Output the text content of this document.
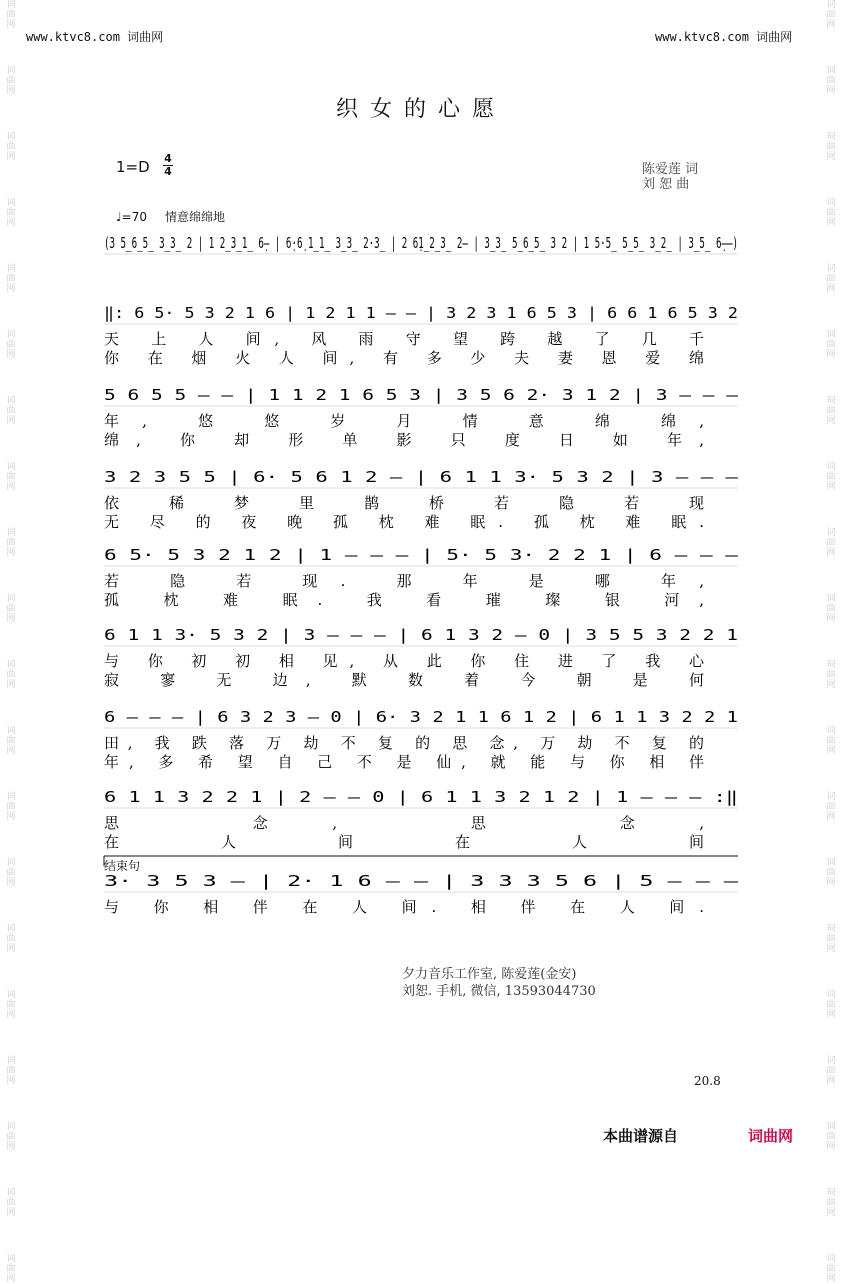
词
曲
网
词
曲
网
词
曲
网
词
曲
网
词
曲
网
词
曲
网
词
曲
网
词
曲
网
词
曲
网
词
曲
网
词
曲
网
词
曲
网
词
曲
网
词
曲
网
词
曲
网
词
曲
网
词
曲
网
词
曲
网
词
曲
网
词
曲
网
词
曲
网
词
曲
网
词
曲
网
词
曲
网
词
曲
网
词
曲
网
词
曲
网
词
曲
网
词
曲
网
词
曲
网
词
曲
网
词
曲
网
词
曲
网
词
曲
网
词
曲
网
词
曲
网
词
曲
网
词
曲
网
词
曲
网
词
曲
网
www.ktvc8.com 词曲网	www.ktvc8.com 词曲网
织女的心愿
$1=D \frac{4}{4}$	陈爱莲 词
刘 恕 曲
♩=70 情意绵绵地
(3 5̲6̲5̲ 3̲3̲ 2 | 1 2̲3̲1̲ 6̣– | 6̣·6̣ 1̲1̲ 3̲3̲ 2·3̲ | 2 6̣1̲2̲3̲ 2– | 3̲3̲ 5̲6̲5̲ 3 2 | 1 5·5̲ 5̲5̲ 3̲2̲ | 3̲5̲ 6̣––)
‖: 6 5· 5 3 2 1 6 | 1 2 1 1 – – | 3 2 3 1 6 5 3 | 6 6 1 6 5 3 2
天 上 人 间, 风 雨 守 望 跨 越 了 几 千
你 在 烟 火 人 间, 有 多 少 夫 妻 恩 爱 绵
5 6 5 5 – – | 1 1 2 1 6 5 3 | 3 5 6 2· 3 1 2 | 3 – – –
年, 悠 悠 岁 月 情 意 绵 绵,
绵, 你 却 形 单 影 只 度 日 如 年,
3 2 3 5 5 | 6· 5 6 1 2 – | 6 1 1 3· 5 3 2 | 3 – – –
依 稀 梦 里 鹊 桥 若 隐 若 现
无 尽 的 夜 晚 孤 枕 难 眠. 孤 枕 难 眠.
6 5· 5 3 2 1 2 | 1 – – – | 5· 5 3· 2 2 1 | 6 – – –
若 隐 若 现. 那 年 是 哪 年,
孤 枕 难 眠. 我 看 璀 璨 银 河,
6 1 1 3· 5 3 2 | 3 – – – | 6 1 3 2 – 0 | 3 5 5 3 2 2 1
与 你 初 初 相 见, 从 此 你 住 进 了 我 心
寂 寥 无 边, 默 数 着 今 朝 是 何
6 – – – | 6 3 2 3 – 0 | 6· 3 2 1 1 6 1 2 | 6 1 1 3 2 2 1
田, 我 跌 落 万 劫 不 复 的 思 念, 万 劫 不 复 的
年, 多 希 望 自 己 不 是 仙, 就 能 与 你 相 伴
6 1 1 3 2 2 1 | 2 – – 0 | 6 1 1 3 2 1 2 | 1 – – – :‖
思 念, 思 念,
在 人 间 在 人 间
3· 3 5 3 – | 2· 1 6 – – | 3 3 3 5 6 | 5 – – –
与 你 相 伴 在 人 间. 相 伴 在 人 间.
结束句
夕力音乐工作室, 陈爱莲(金安)
刘恕. 手机, 微信, 13593044730
20.8
本曲谱源自	词曲网
